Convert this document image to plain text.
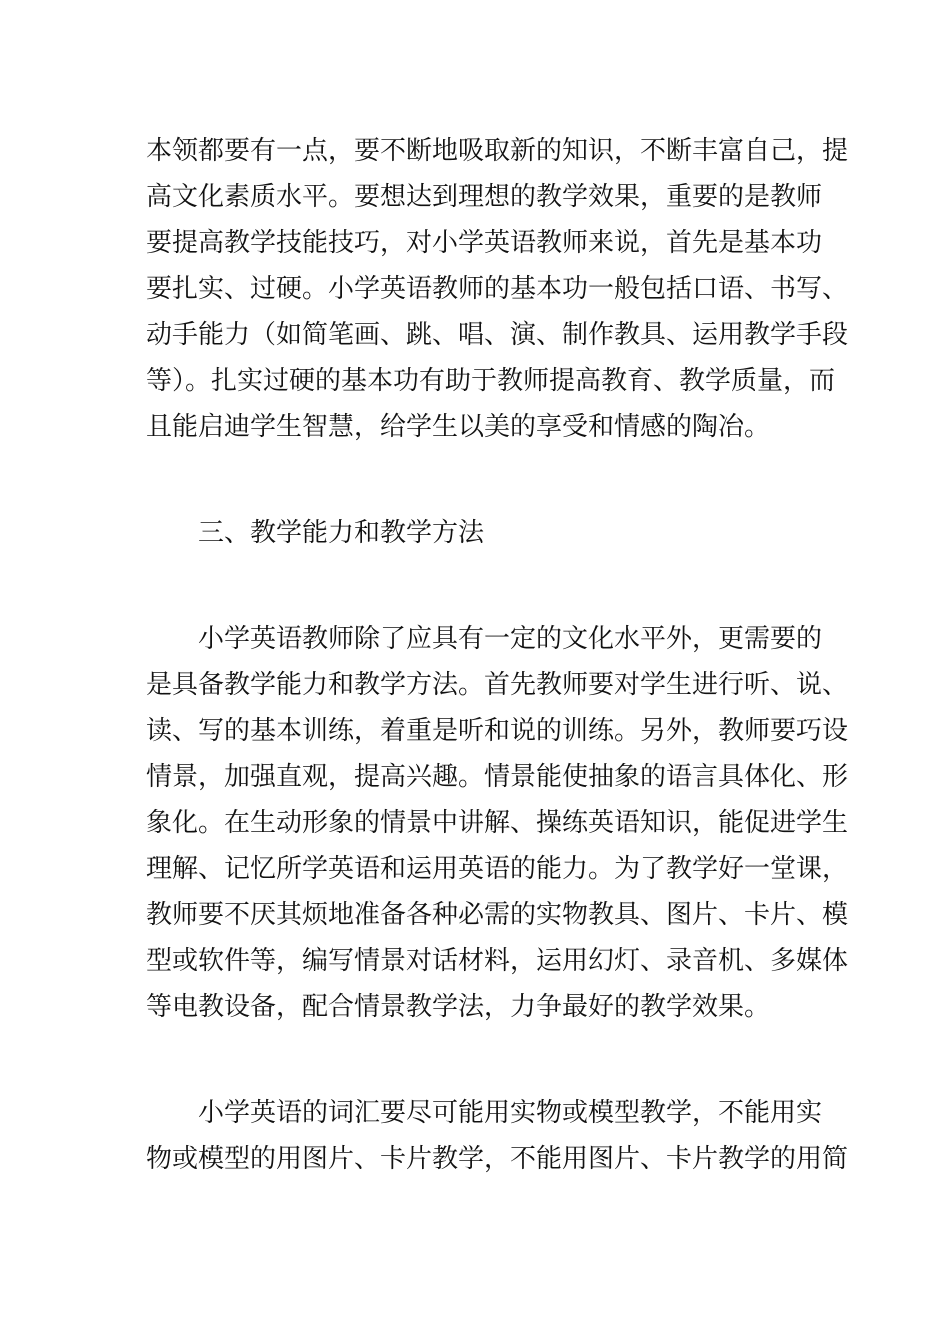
本领都要有一点，要不断地吸取新的知识，不断丰富自己，提
高文化素质水平。要想达到理想的教学效果，重要的是教师
要提高教学技能技巧，对小学英语教师来说，首先是基本功
要扎实、过硬。小学英语教师的基本功一般包括口语、书写、
动手能力（如简笔画、跳、唱、演、制作教具、运用教学手段
等）。扎实过硬的基本功有助于教师提高教育、教学质量，而
且能启迪学生智慧，给学生以美的享受和情感的陶冶。
三、教学能力和教学方法
小学英语教师除了应具有一定的文化水平外，更需要的
是具备教学能力和教学方法。首先教师要对学生进行听、说、
读、写的基本训练，着重是听和说的训练。另外，教师要巧设
情景，加强直观，提高兴趣。情景能使抽象的语言具体化、形
象化。在生动形象的情景中讲解、操练英语知识，能促进学生
理解、记忆所学英语和运用英语的能力。为了教学好一堂课，
教师要不厌其烦地准备各种必需的实物教具、图片、卡片、模
型或软件等，编写情景对话材料，运用幻灯、录音机、多媒体
等电教设备，配合情景教学法，力争最好的教学效果。
小学英语的词汇要尽可能用实物或模型教学，不能用实
物或模型的用图片、卡片教学，不能用图片、卡片教学的用简
